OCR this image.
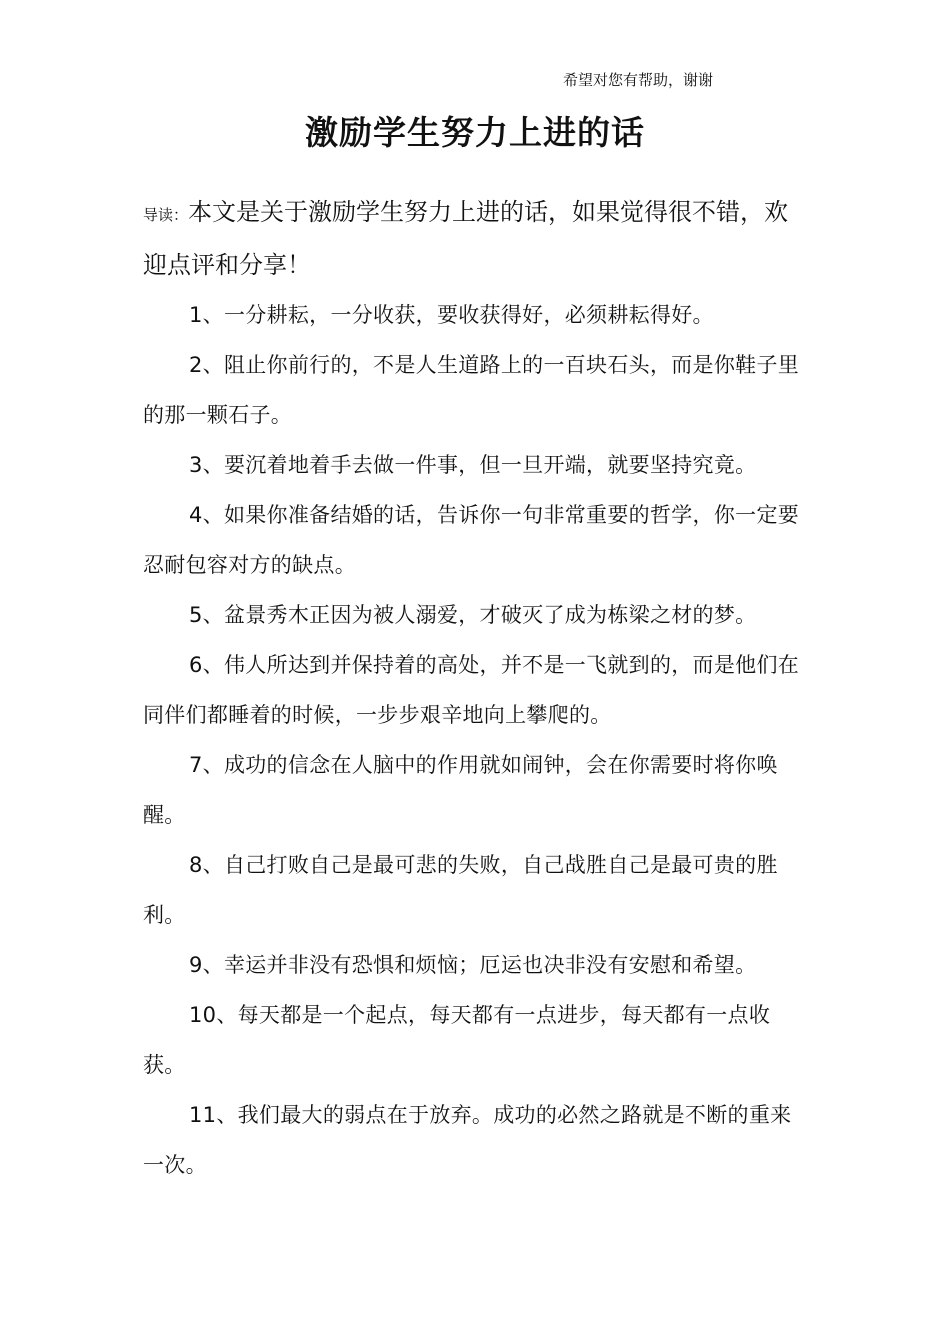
希望对您有帮助，谢谢
激励学生努力上进的话

导读：本文是关于激励学生努力上进的话，如果觉得很不错，欢迎点评和分享！

1、一分耕耘，一分收获，要收获得好，必须耕耘得好。

2、阻止你前行的，不是人生道路上的一百块石头，而是你鞋子里的那一颗石子。

3、要沉着地着手去做一件事，但一旦开端，就要坚持究竟。

4、如果你准备结婚的话，告诉你一句非常重要的哲学，你一定要忍耐包容对方的缺点。

5、盆景秀木正因为被人溺爱，才破灭了成为栋梁之材的梦。

6、伟人所达到并保持着的高处，并不是一飞就到的，而是他们在同伴们都睡着的时候，一步步艰辛地向上攀爬的。

7、成功的信念在人脑中的作用就如闹钟，会在你需要时将你唤醒。

8、自己打败自己是最可悲的失败，自己战胜自己是最可贵的胜利。

9、幸运并非没有恐惧和烦恼；厄运也决非没有安慰和希望。

10、每天都是一个起点，每天都有一点进步，每天都有一点收获。

11、我们最大的弱点在于放弃。成功的必然之路就是不断的重来一次。
